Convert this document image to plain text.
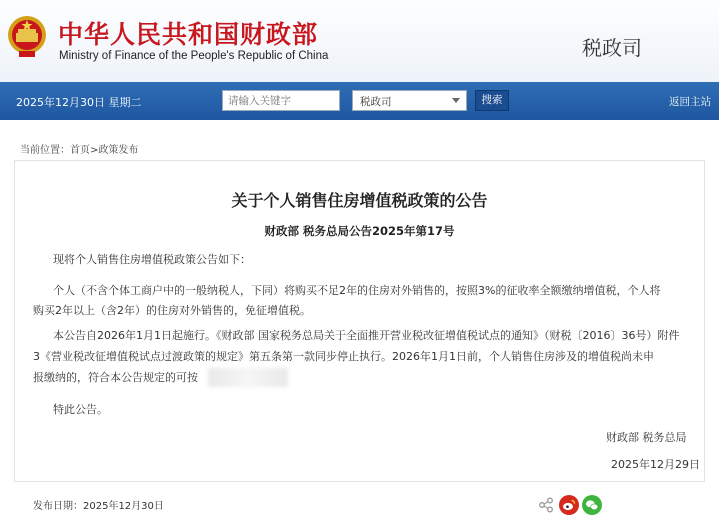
中华人民共和国财政部
Ministry of Finance of the People's Republic of China	税政司
2025年12月30日 星期二
请输入关键字	税政司	搜索	返回主站
当前位置：首页>政策发布
关于个人销售住房增值税政策的公告
财政部 税务总局公告2025年第17号
现将个人销售住房增值税政策公告如下：
个人（不含个体工商户中的一般纳税人，下同）将购买不足2年的住房对外销售的，按照3%的征收率全额缴纳增值税，个人将
购买2年以上（含2年）的住房对外销售的，免征增值税。
本公告自2026年1月1日起施行。《财政部 国家税务总局关于全面推开营业税改征增值税试点的通知》（财税〔2016〕36号）附件
3《营业税改征增值税试点过渡政策的规定》第五条第一款同步停止执行。2026年1月1日前，个人销售住房涉及的增值税尚未申
报缴纳的，符合本公告规定的可按
特此公告。
财政部 税务总局
2025年12月29日
发布日期：2025年12月30日
